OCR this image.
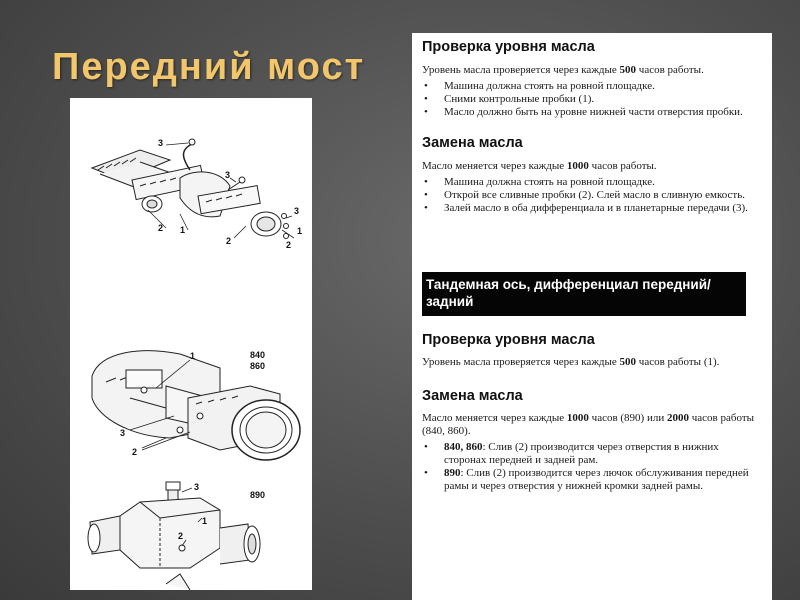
Передний мост
3
2 1
3
2
3
1
2
840
860
1
3
2
890
3
1
2
Проверка уровня масла

Уровень масла проверяется через каждые 500 часов работы.

• Машина должна стоять на ровной площадке.
• Сними контрольные пробки (1).
• Масло должно быть на уровне нижней части отверстия пробки.
Замена масла

Масло меняется через каждые 1000 часов работы.

• Машина должна стоять на ровной площадке.
• Открой все сливные пробки (2). Слей масло в сливную емкость.
• Залей масло в оба дифференциала и в планетарные передачи (3).
Тандемная ось, дифференциал передний/задний
Проверка уровня масла

Уровень масла проверяется через каждые 500 часов работы (1).

Замена масла

Масло меняется через каждые 1000 часов (890) или 2000 часов работы (840, 860).

• 840, 860: Слив (2) производится через отверстия в нижних сторонах передней и задней рам.
• 890: Слив (2) производится через лючок обслуживания передней рамы и через отверстия у нижней кромки задней рамы.
